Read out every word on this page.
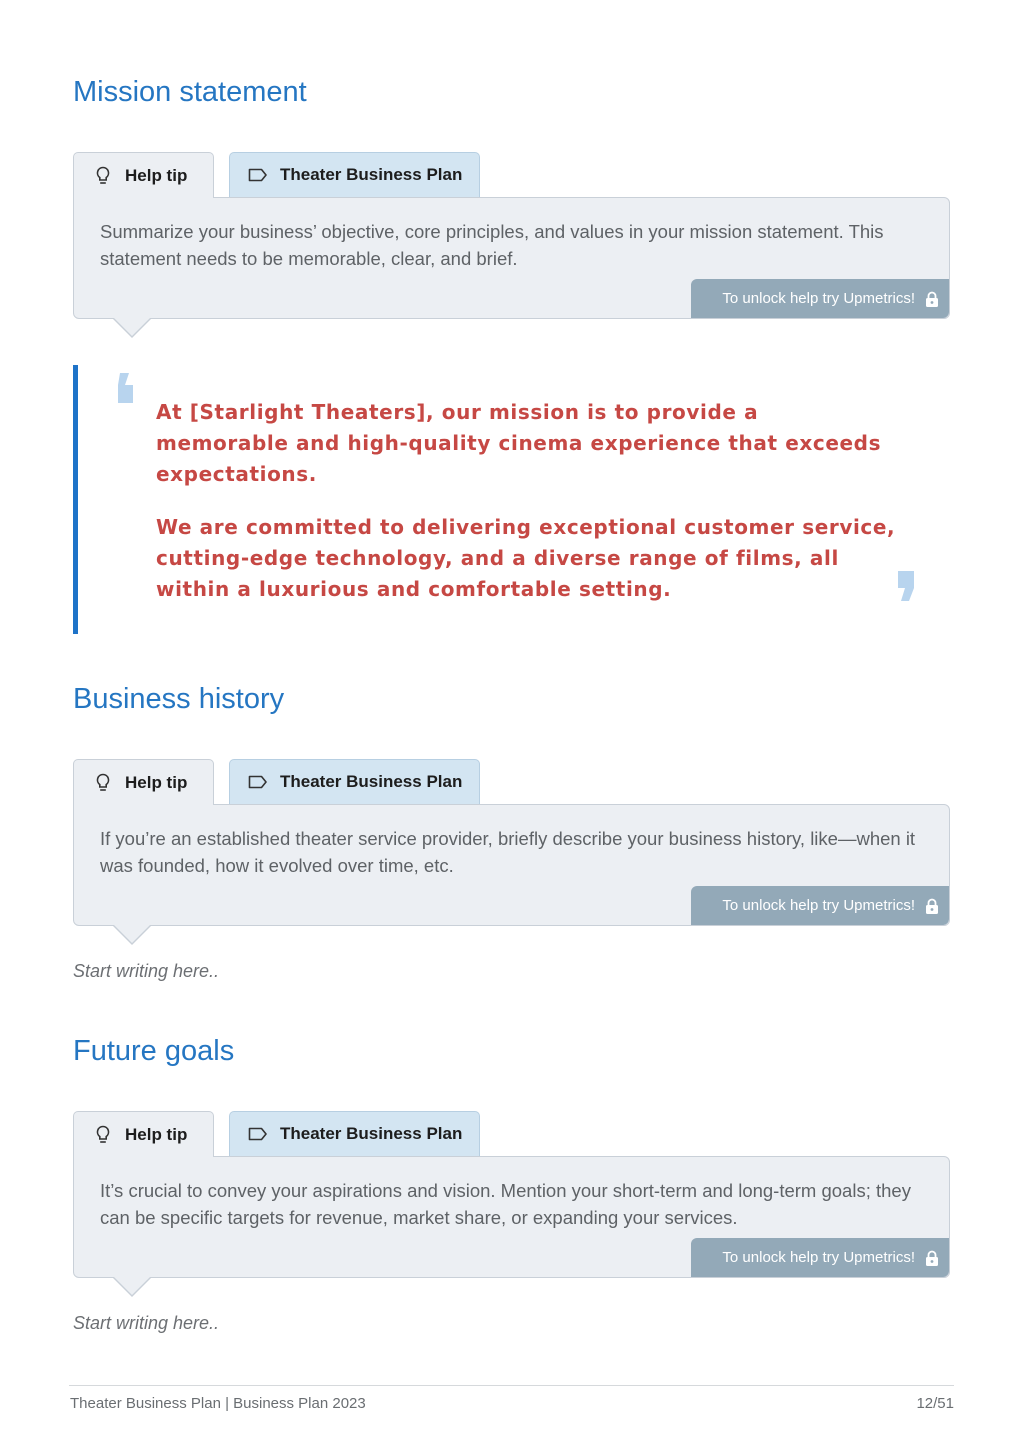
Mission statement
Help tip	Theater Business Plan

Summarize your business’ objective, core principles, and values in your mission statement. This statement needs to be memorable, clear, and brief.

To unlock help try Upmetrics!

At [Starlight Theaters], our mission is to provide a memorable and high-quality cinema experience that exceeds expectations.

We are committed to delivering exceptional customer service, cutting-edge technology, and a diverse range of films, all within a luxurious and comfortable setting.

Business history
Help tip	Theater Business Plan

If you’re an established theater service provider, briefly describe your business history, like—when it was founded, how it evolved over time, etc.

To unlock help try Upmetrics!
Start writing here..
Future goals
Help tip	Theater Business Plan

It’s crucial to convey your aspirations and vision. Mention your short-term and long-term goals; they can be specific targets for revenue, market share, or expanding your services.

To unlock help try Upmetrics!
Start writing here..
Theater Business Plan | Business Plan 2023	12/51
